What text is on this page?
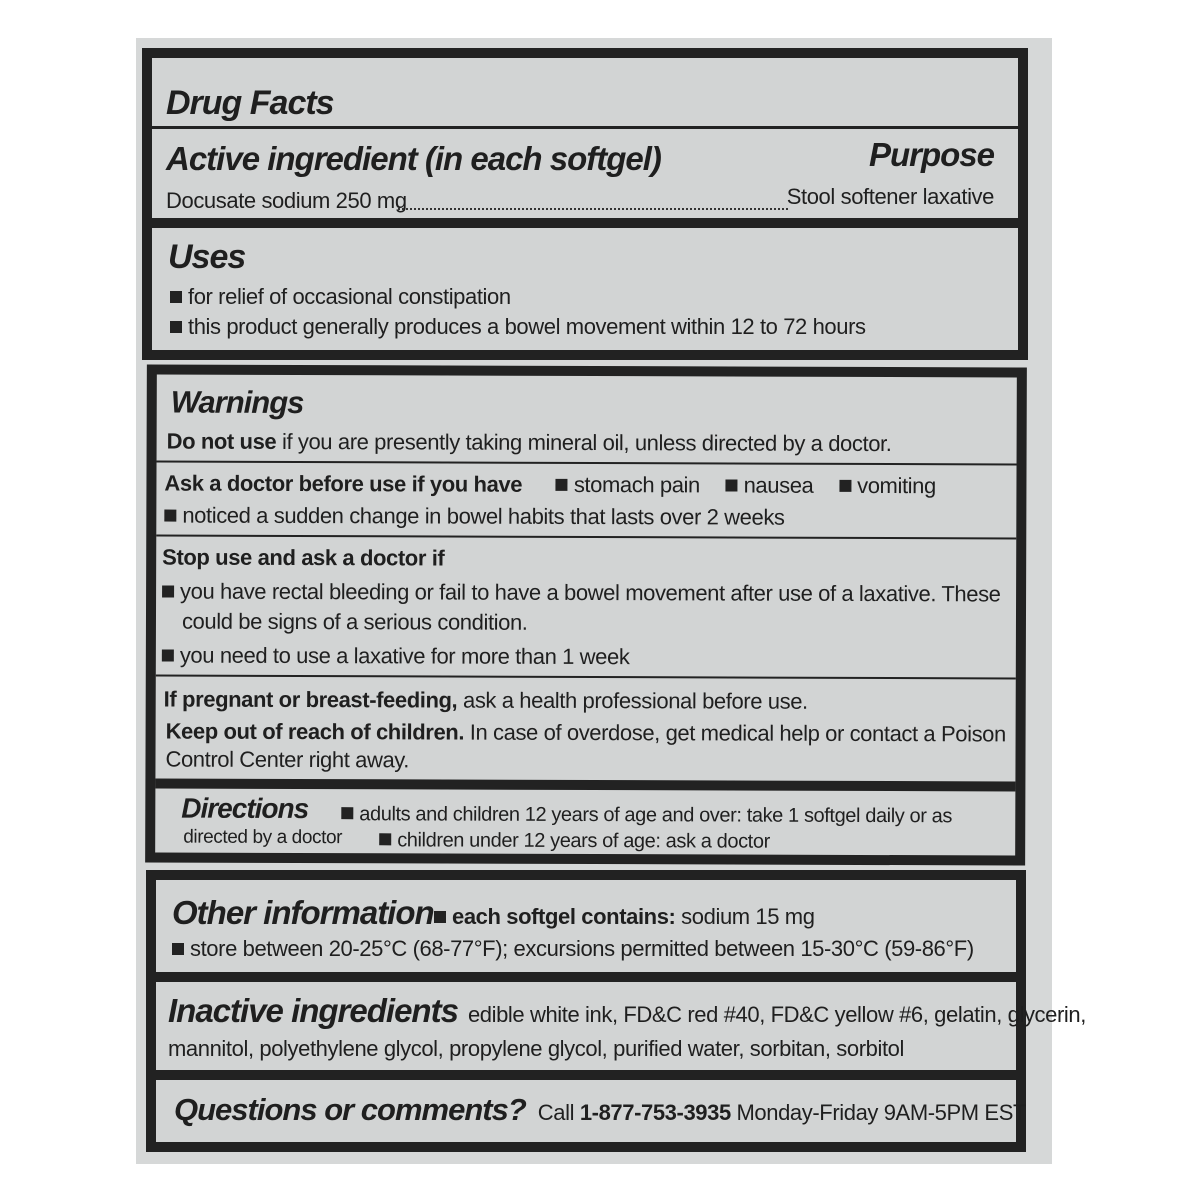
Drug Facts
Active ingredient (in each softgel)	Purpose
Docusate sodium 250 mg	Stool softener laxative
Uses
for relief of occasional constipation
this product generally produces a bowel movement within 12 to 72 hours
Warnings
Do not use if you are presently taking mineral oil, unless directed by a doctor.
Ask a doctor before use if you have stomach pain nausea vomiting
noticed a sudden change in bowel habits that lasts over 2 weeks
Stop use and ask a doctor if
you have rectal bleeding or fail to have a bowel movement after use of a laxative. These
could be signs of a serious condition.
you need to use a laxative for more than 1 week
If pregnant or breast-feeding, ask a health professional before use.
Keep out of reach of children. In case of overdose, get medical help or contact a Poison
Control Center right away.
Directions	adults and children 12 years of age and over: take 1 softgel daily or as
directed by a doctor	children under 12 years of age: ask a doctor
Other information each softgel contains: sodium 15 mg
store between 20-25°C (68-77°F); excursions permitted between 15-30°C (59-86°F)
Inactive ingredients edible white ink, FD&C red #40, FD&C yellow #6, gelatin, glycerin,
mannitol, polyethylene glycol, propylene glycol, purified water, sorbitan, sorbitol
Questions or comments? Call 1-877-753-3935 Monday-Friday 9AM-5PM EST
